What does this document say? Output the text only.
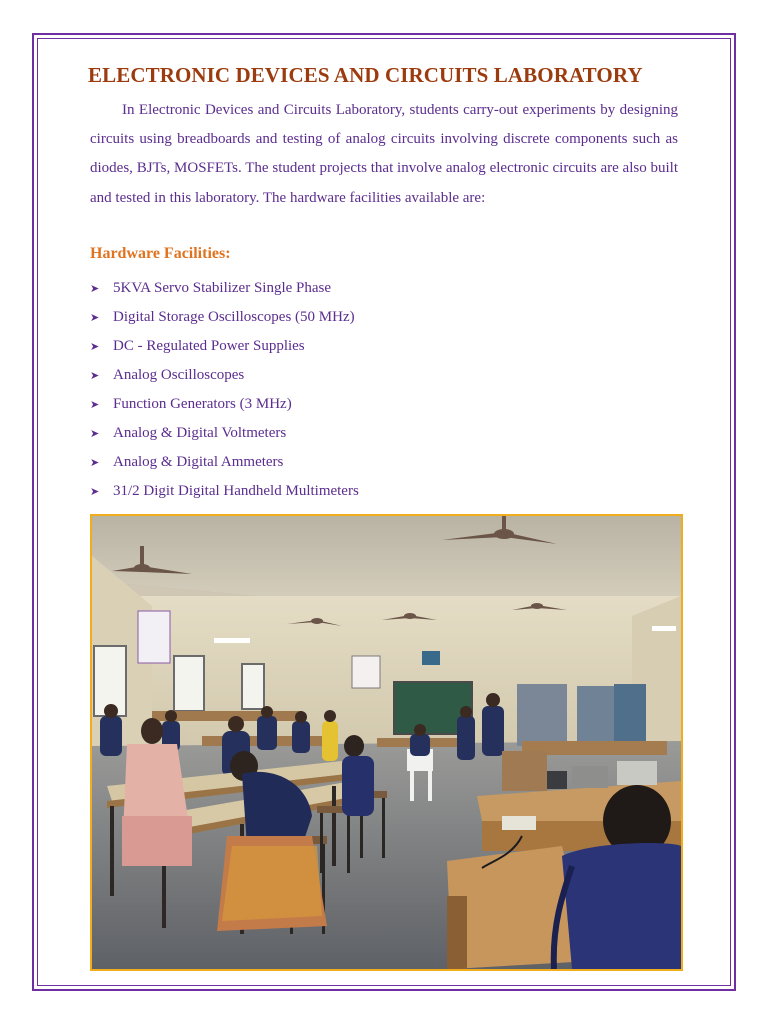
ELECTRONIC DEVICES AND CIRCUITS LABORATORY

In Electronic Devices and Circuits Laboratory, students carry-out experiments by designing circuits using breadboards and testing of analog circuits involving discrete components such as diodes, BJTs, MOSFETs. The student projects that involve analog electronic circuits are also built and tested in this laboratory. The hardware facilities available are:

Hardware Facilities:
➤ 5KVA Servo Stabilizer Single Phase
➤ Digital Storage Oscilloscopes (50 MHz)
➤ DC - Regulated Power Supplies
➤ Analog Oscilloscopes
➤ Function Generators (3 MHz)
➤ Analog & Digital Voltmeters
➤ Analog & Digital Ammeters
➤ 31/2 Digit Digital Handheld Multimeters
